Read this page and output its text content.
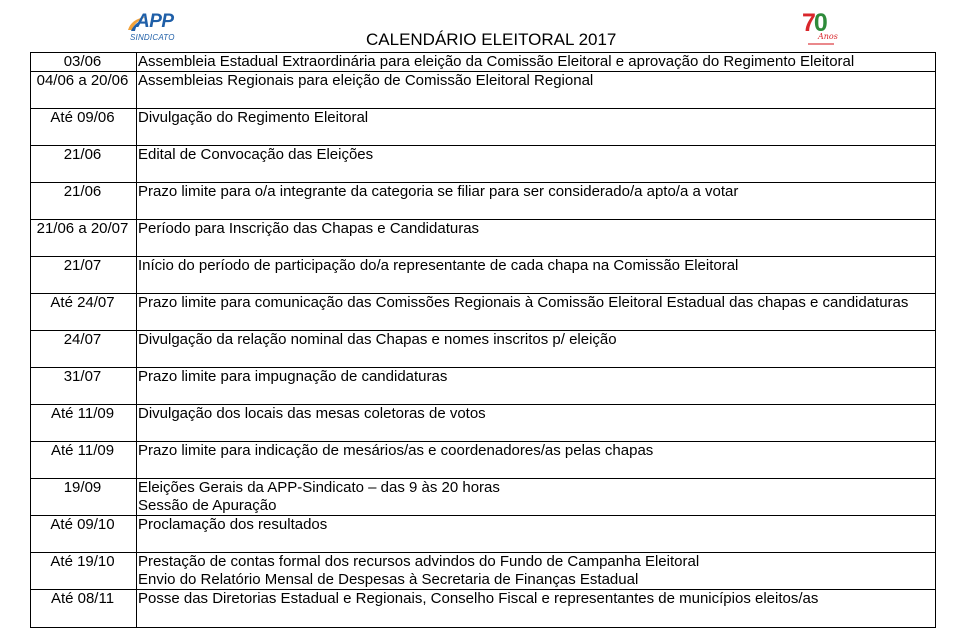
APP
SINDICATO	CALENDÁRIO ELEITORAL 2017
70
Anos
03/06	Assembleia Estadual Extraordinária para eleição da Comissão Eleitoral e aprovação do Regimento Eleitoral

04/06 a 20/06	Assembleias Regionais para eleição de Comissão Eleitoral Regional

Até 09/06	Divulgação do Regimento Eleitoral

21/06	Edital de Convocação das Eleições

21/06	Prazo limite para o/a integrante da categoria se filiar para ser considerado/a apto/a a votar

21/06 a 20/07	Período para Inscrição das Chapas e Candidaturas

21/07	Início do período de participação do/a representante de cada chapa na Comissão Eleitoral

Até 24/07	Prazo limite para comunicação das Comissões Regionais à Comissão Eleitoral Estadual das chapas e candidaturas

24/07	Divulgação da relação nominal das Chapas e nomes inscritos p/ eleição

31/07	Prazo limite para impugnação de candidaturas

Até 11/09	Divulgação dos locais das mesas coletoras de votos

Até 11/09	Prazo limite para indicação de mesários/as e coordenadores/as pelas chapas

19/09	Eleições Gerais da APP-Sindicato – das 9 às 20 horas
Sessão de Apuração

Até 09/10	Proclamação dos resultados

Até 19/10	Prestação de contas formal dos recursos advindos do Fundo de Campanha Eleitoral
Envio do Relatório Mensal de Despesas à Secretaria de Finanças Estadual

Até 08/11	Posse das Diretorias Estadual e Regionais, Conselho Fiscal e representantes de municípios eleitos/as
